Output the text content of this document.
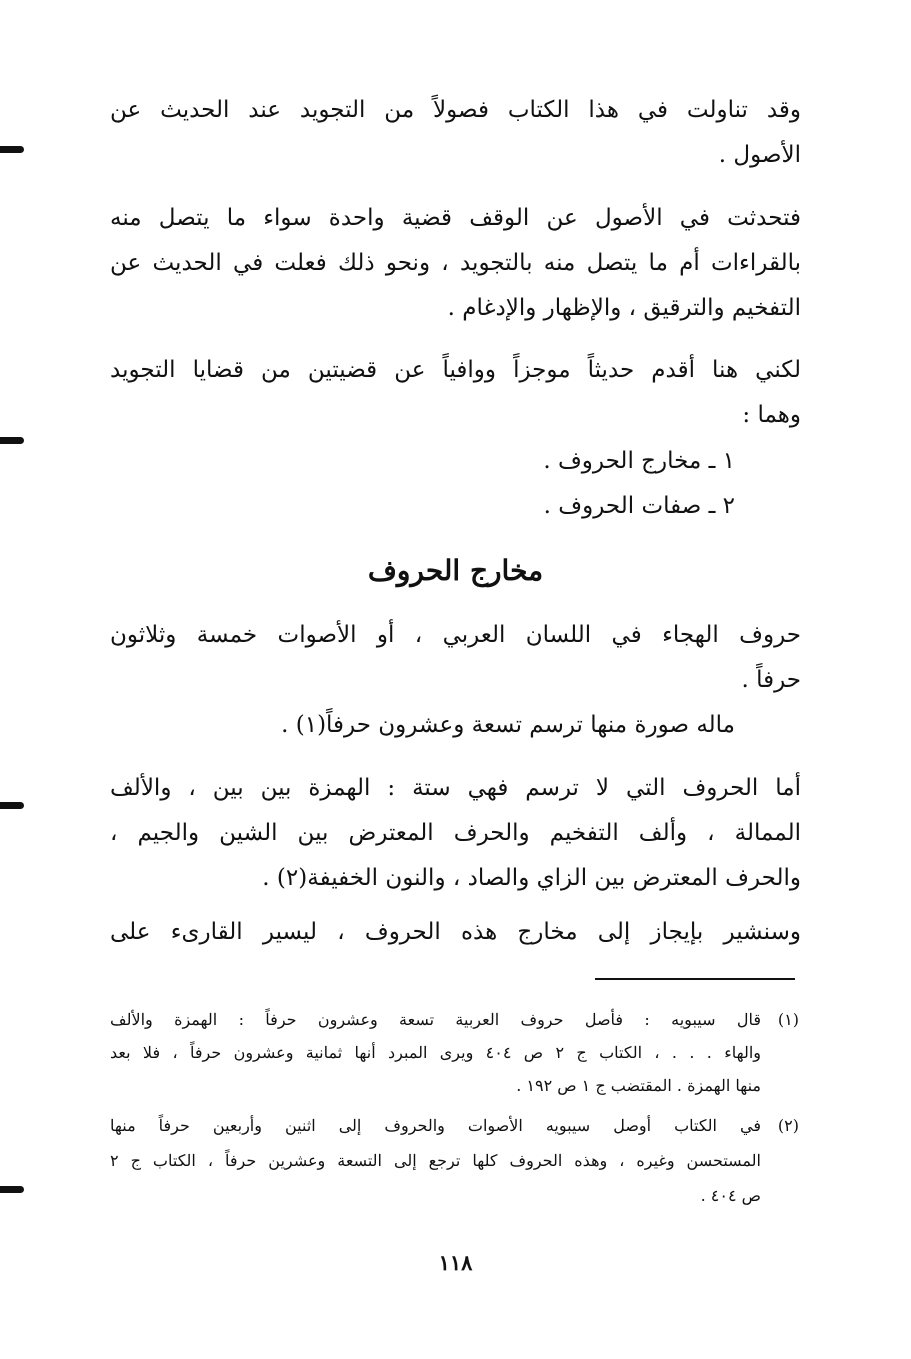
وقد تناولت في هذا الكتاب فصولاً من التجويد عند الحديث عن
الأصول .
فتحدثت في الأصول عن الوقف قضية واحدة سواء ما يتصل منه
بالقراءات أم ما يتصل منه بالتجويد ، ونحو ذلك فعلت في الحديث عن
التفخيم والترقيق ، والإظهار والإدغام .
لكني هنا أقدم حديثاً موجزاً ووافياً عن قضيتين من قضايا التجويد
وهما :
١ ـ مخارج الحروف .
٢ ـ صفات الحروف .
مخارج الحروف
حروف الهجاء في اللسان العربي ، أو الأصوات خمسة وثلاثون
حرفاً .
ماله صورة منها ترسم تسعة وعشرون حرفاً(١) .
أما الحروف التي لا ترسم فهي ستة : الهمزة بين بين ، والألف
الممالة ، وألف التفخيم والحرف المعترض بين الشين والجيم ،
والحرف المعترض بين الزاي والصاد ، والنون الخفيفة(٢) .
وسنشير بإيجاز إلى مخارج هذه الحروف ، ليسير القارىء على
(١)
قال سيبويه : فأصل حروف العربية تسعة وعشرون حرفاً : الهمزة والألف
والهاء . . . ، الكتاب ج ٢ ص ٤٠٤ ويرى المبرد أنها ثمانية وعشرون حرفاً ، فلا بعد
منها الهمزة . المقتضب ج ١ ص ١٩٢ .
(٢)
في الكتاب أوصل سيبويه الأصوات والحروف إلى اثنين وأربعين حرفاً منها
المستحسن وغيره ، وهذه الحروف كلها ترجع إلى التسعة وعشرين حرفاً ، الكتاب ج ٢
ص ٤٠٤ .
١١٨
